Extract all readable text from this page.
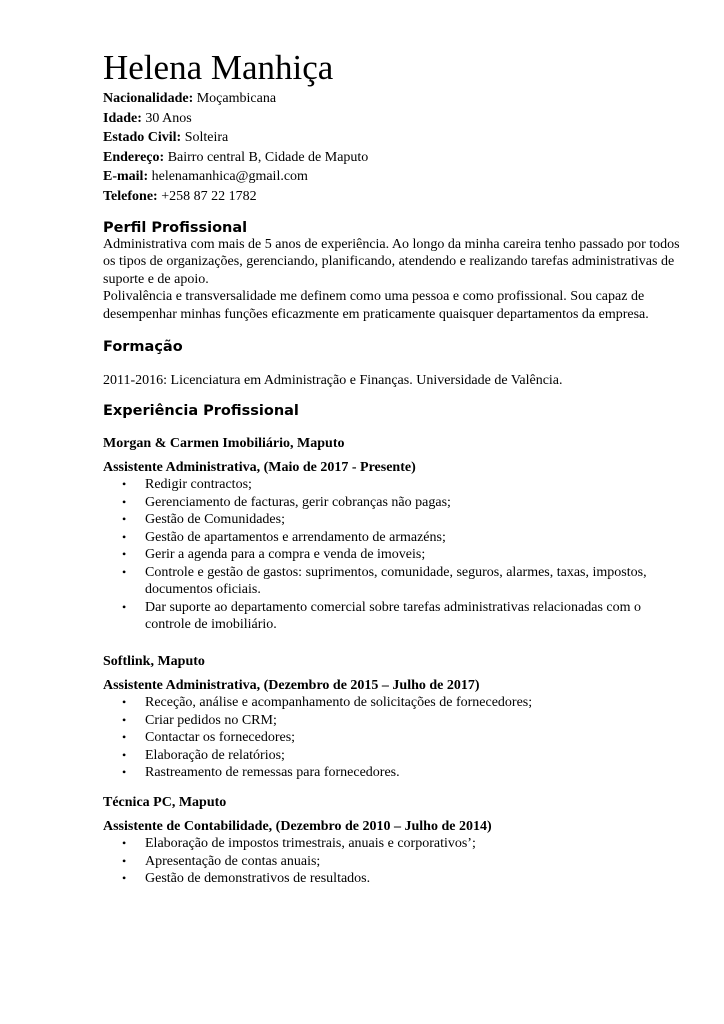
Helena Manhiça
Nacionalidade: Moçambicana
Idade: 30 Anos
Estado Civil: Solteira
Endereço: Bairro central B, Cidade de Maputo
E-mail: helenamanhica@gmail.com
Telefone: +258 87 22 1782
Perfil Profissional

Administrativa com mais de 5 anos de experiência. Ao longo da minha careira tenho passado por todos os tipos de organizações, gerenciando, planificando, atendendo e realizando tarefas administrativas de suporte e de apoio.

Polivalência e transversalidade me definem como uma pessoa e como profissional. Sou capaz de desempenhar minhas funções eficazmente em praticamente quaisquer departamentos da empresa.

Formação
2011-2016: Licenciatura em Administração e Finanças. Universidade de Valência.
Experiência Profissional
Morgan & Carmen Imobiliário, Maputo
Assistente Administrativa, (Maio de 2017 - Presente)
• Redigir contractos;
• Gerenciamento de facturas, gerir cobranças não pagas;
• Gestão de Comunidades;
• Gestão de apartamentos e arrendamento de armazéns;
• Gerir a agenda para a compra e venda de imoveis;
• Controle e gestão de gastos: suprimentos, comunidade, seguros, alarmes, taxas, impostos, documentos oficiais.
• Dar suporte ao departamento comercial sobre tarefas administrativas relacionadas com o controle de imobiliário.
Softlink, Maputo
Assistente Administrativa, (Dezembro de 2015 – Julho de 2017)
• Receção, análise e acompanhamento de solicitações de fornecedores;
• Criar pedidos no CRM;
• Contactar os fornecedores;
• Elaboração de relatórios;
• Rastreamento de remessas para fornecedores.
Técnica PC, Maputo
Assistente de Contabilidade, (Dezembro de 2010 – Julho de 2014)
• Elaboração de impostos trimestrais, anuais e corporativos’;
• Apresentação de contas anuais;
• Gestão de demonstrativos de resultados.
